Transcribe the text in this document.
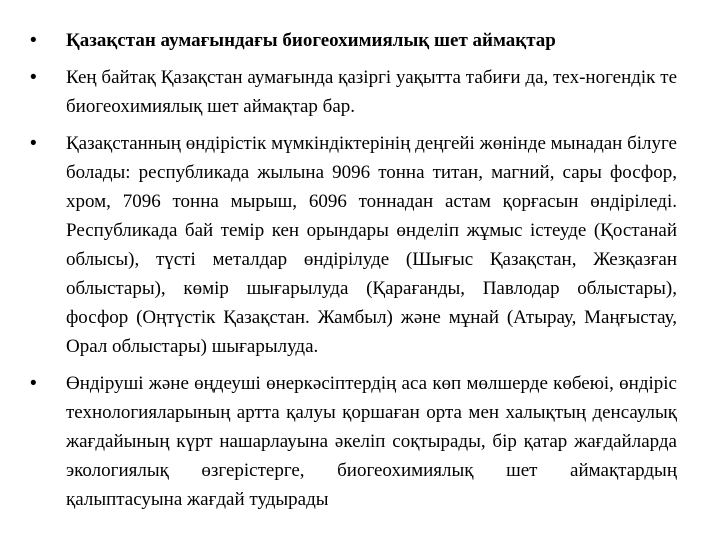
• Қазақстан аумағындағы биогеохимиялық шет аймақтар
• Кең байтақ Қазақстан аумағында қазіргі уақытта табиғи да, тех-ногендік те биогеохимиялық шет аймақтар бар.
• Қазақстанның өндірістік мүмкіндіктерінің деңгейі жөнінде мынадан білуге болады: республикада жылына 9096 тонна титан, магний, сары фосфор, хром, 7096 тонна мырыш, 6096 тоннадан астам қорғасын өндіріледі. Республикада бай темір кен орындары өнделіп жұмыс істеуде (Қостанай облысы), түсті металдар өндірілуде (Шығыс Қазақстан, Жезқазған облыстары), көмір шығарылуда (Қарағанды, Павлодар облыстары), фосфор (Оңтүстік Қазақстан. Жамбыл) және мұнай (Атырау, Маңғыстау, Орал облыстары) шығарылуда.
• Өндіруші және өңдеуші өнеркәсіптердің аса көп мөлшерде көбеюі, өндіріс технологияларының артта қалуы қоршаған орта мен халықтың денсаулық жағдайының күрт нашарлауына әкеліп соқтырады, бір қатар жағдайларда экологиялық өзгерістерге, биогеохимиялық шет аймақтардың қалыптасуына жағдай тудырады
